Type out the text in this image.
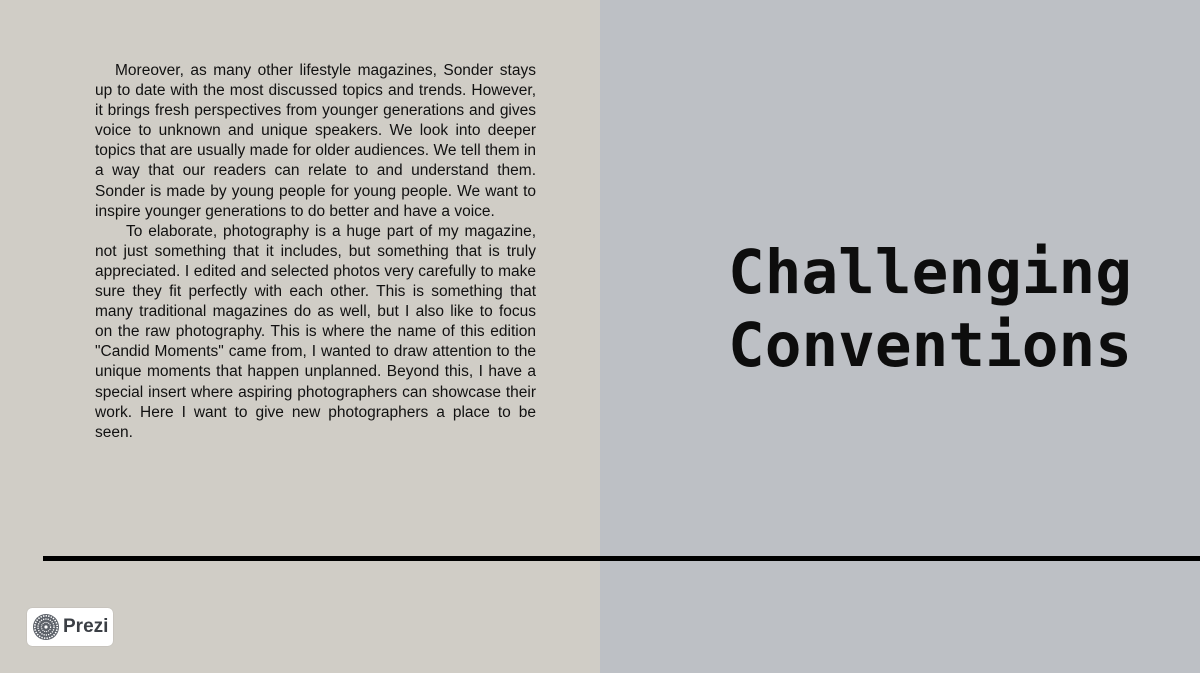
Moreover, as many other lifestyle magazines, Sonder stays up to date with the most discussed topics and trends. However, it brings fresh perspectives from younger generations and gives voice to unknown and unique speakers. We look into deeper topics that are usually made for older audiences. We tell them in a way that our readers can relate to and understand them. Sonder is made by young people for young people. We want to inspire younger generations to do better and have a voice.

To elaborate, photography is a huge part of my magazine, not just something that it includes, but something that is truly appreciated. I edited and selected photos very carefully to make sure they fit perfectly with each other. This is something that many traditional magazines do as well, but I also like to focus on the raw photography. This is where the name of this edition "Candid Moments" came from, I wanted to draw attention to the unique moments that happen unplanned. Beyond this, I have a special insert where aspiring photographers can showcase their work. Here I want to give new photographers a place to be seen.

Challenging
Conventions
Prezi
